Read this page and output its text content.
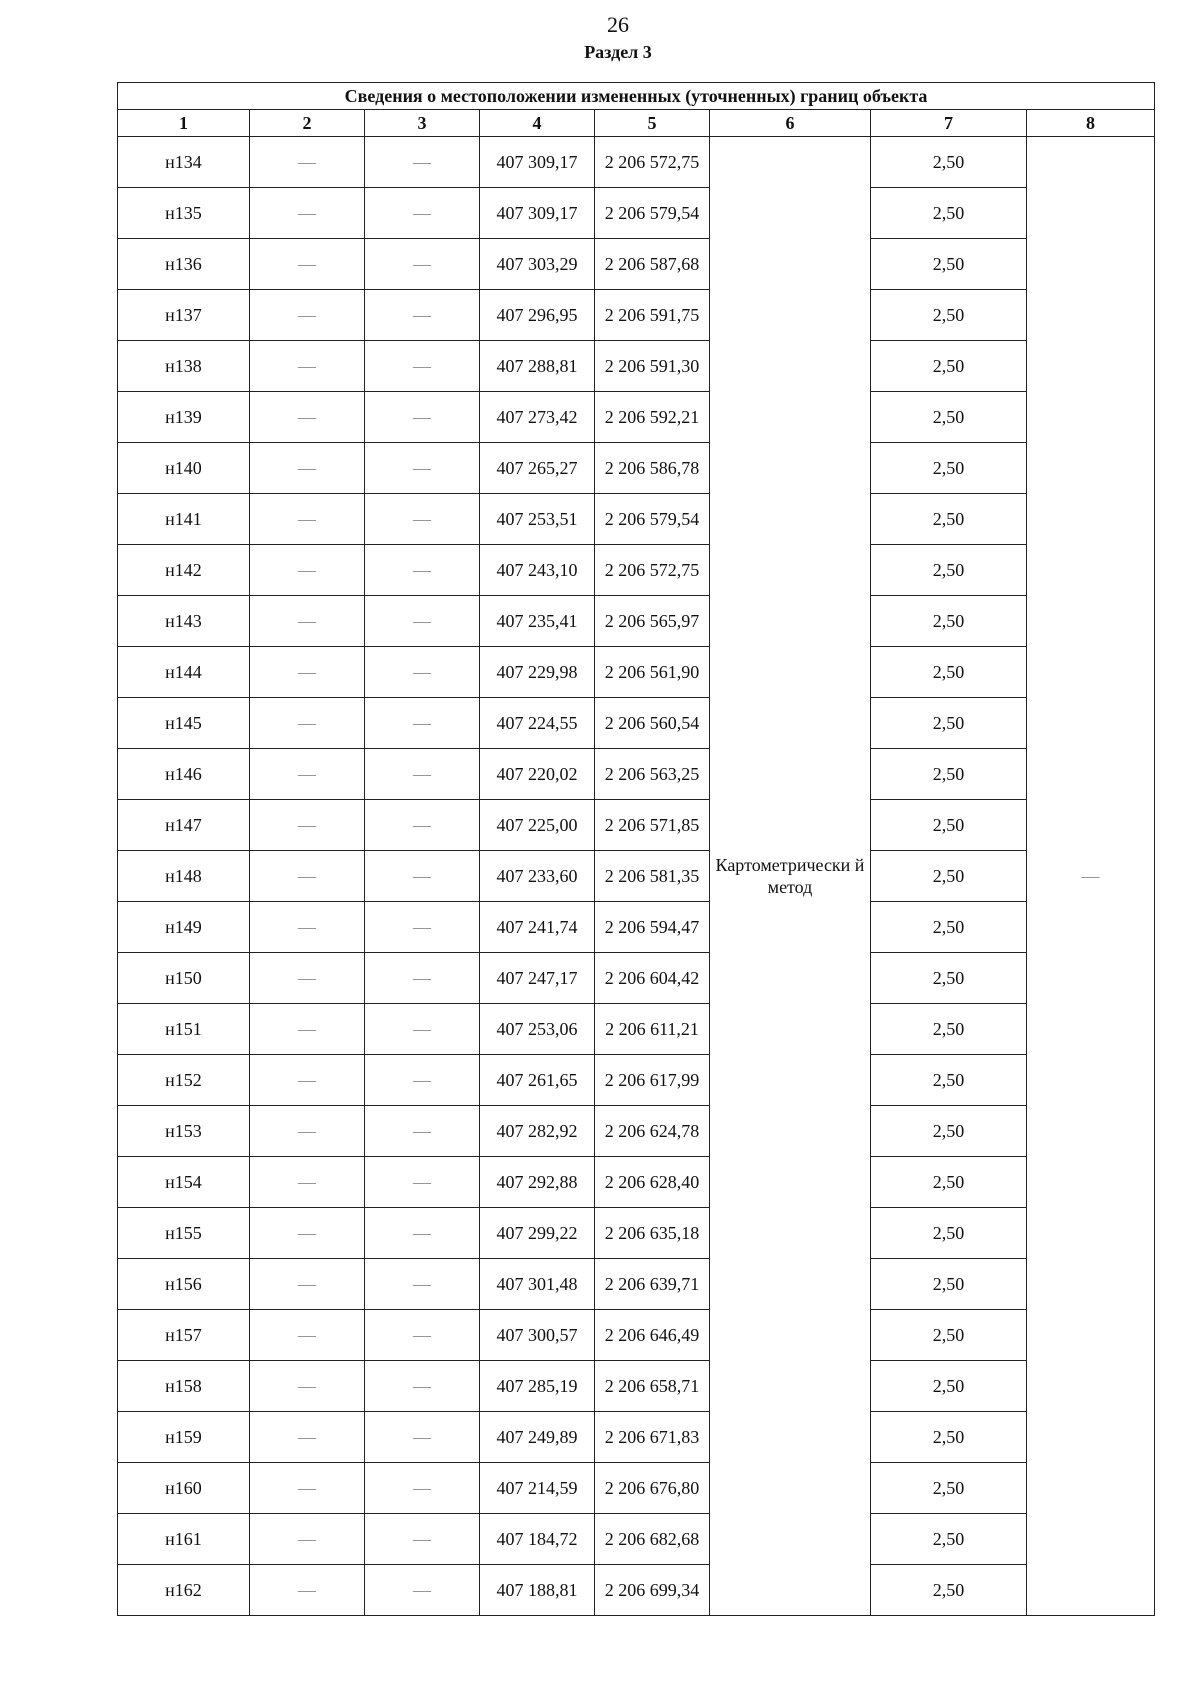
26
Раздел 3
Сведения о местоположении измененных (уточненных) границ объекта							
1	2	3	4	5	6	7	8
н134	—	—	407 309,17	2 206 572,75	Картометрически й метод	2,50	—
н135	—	—	407 309,17	2 206 579,54		2,50	
н136	—	—	407 303,29	2 206 587,68		2,50	
н137	—	—	407 296,95	2 206 591,75		2,50	
н138	—	—	407 288,81	2 206 591,30		2,50	
н139	—	—	407 273,42	2 206 592,21		2,50	
н140	—	—	407 265,27	2 206 586,78		2,50	
н141	—	—	407 253,51	2 206 579,54		2,50	
н142	—	—	407 243,10	2 206 572,75		2,50	
н143	—	—	407 235,41	2 206 565,97		2,50	
н144	—	—	407 229,98	2 206 561,90		2,50	
н145	—	—	407 224,55	2 206 560,54		2,50	
н146	—	—	407 220,02	2 206 563,25		2,50	
н147	—	—	407 225,00	2 206 571,85		2,50	
н148	—	—	407 233,60	2 206 581,35		2,50	
н149	—	—	407 241,74	2 206 594,47		2,50	
н150	—	—	407 247,17	2 206 604,42		2,50	
н151	—	—	407 253,06	2 206 611,21		2,50	
н152	—	—	407 261,65	2 206 617,99		2,50	
н153	—	—	407 282,92	2 206 624,78		2,50	
н154	—	—	407 292,88	2 206 628,40		2,50	
н155	—	—	407 299,22	2 206 635,18		2,50	
н156	—	—	407 301,48	2 206 639,71		2,50	
н157	—	—	407 300,57	2 206 646,49		2,50	
н158	—	—	407 285,19	2 206 658,71		2,50	
н159	—	—	407 249,89	2 206 671,83		2,50	
н160	—	—	407 214,59	2 206 676,80		2,50	
н161	—	—	407 184,72	2 206 682,68		2,50	
н162	—	—	407 188,81	2 206 699,34		2,50	
